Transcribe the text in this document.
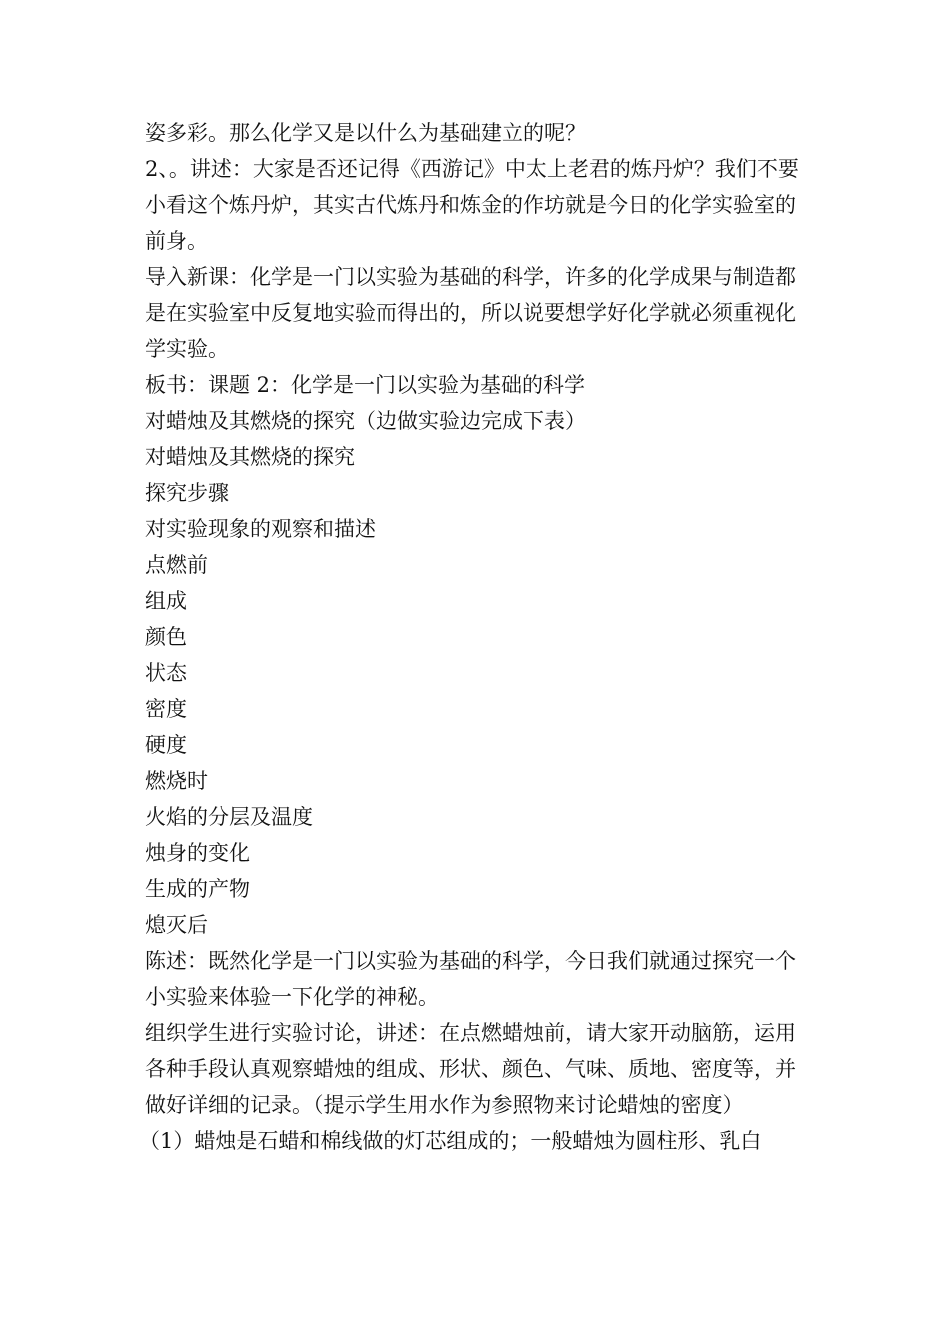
姿多彩。那么化学又是以什么为基础建立的呢？

2、。讲述：大家是否还记得《西游记》中太上老君的炼丹炉？我们不要小看这个炼丹炉，其实古代炼丹和炼金的作坊就是今日的化学实验室的前身。

导入新课：化学是一门以实验为基础的科学，许多的化学成果与制造都是在实验室中反复地实验而得出的，所以说要想学好化学就必须重视化学实验。

板书：课题 2：化学是一门以实验为基础的科学

对蜡烛及其燃烧的探究（边做实验边完成下表）

对蜡烛及其燃烧的探究

探究步骤

对实验现象的观察和描述

点燃前

组成

颜色

状态

密度

硬度

燃烧时

火焰的分层及温度

烛身的变化

生成的产物

熄灭后

陈述：既然化学是一门以实验为基础的科学，今日我们就通过探究一个小实验来体验一下化学的神秘。

组织学生进行实验讨论，讲述：在点燃蜡烛前，请大家开动脑筋，运用各种手段认真观察蜡烛的组成、形状、颜色、气味、质地、密度等，并做好详细的记录。（提示学生用水作为参照物来讨论蜡烛的密度）

（1）蜡烛是石蜡和棉线做的灯芯组成的；一般蜡烛为圆柱形、乳白
